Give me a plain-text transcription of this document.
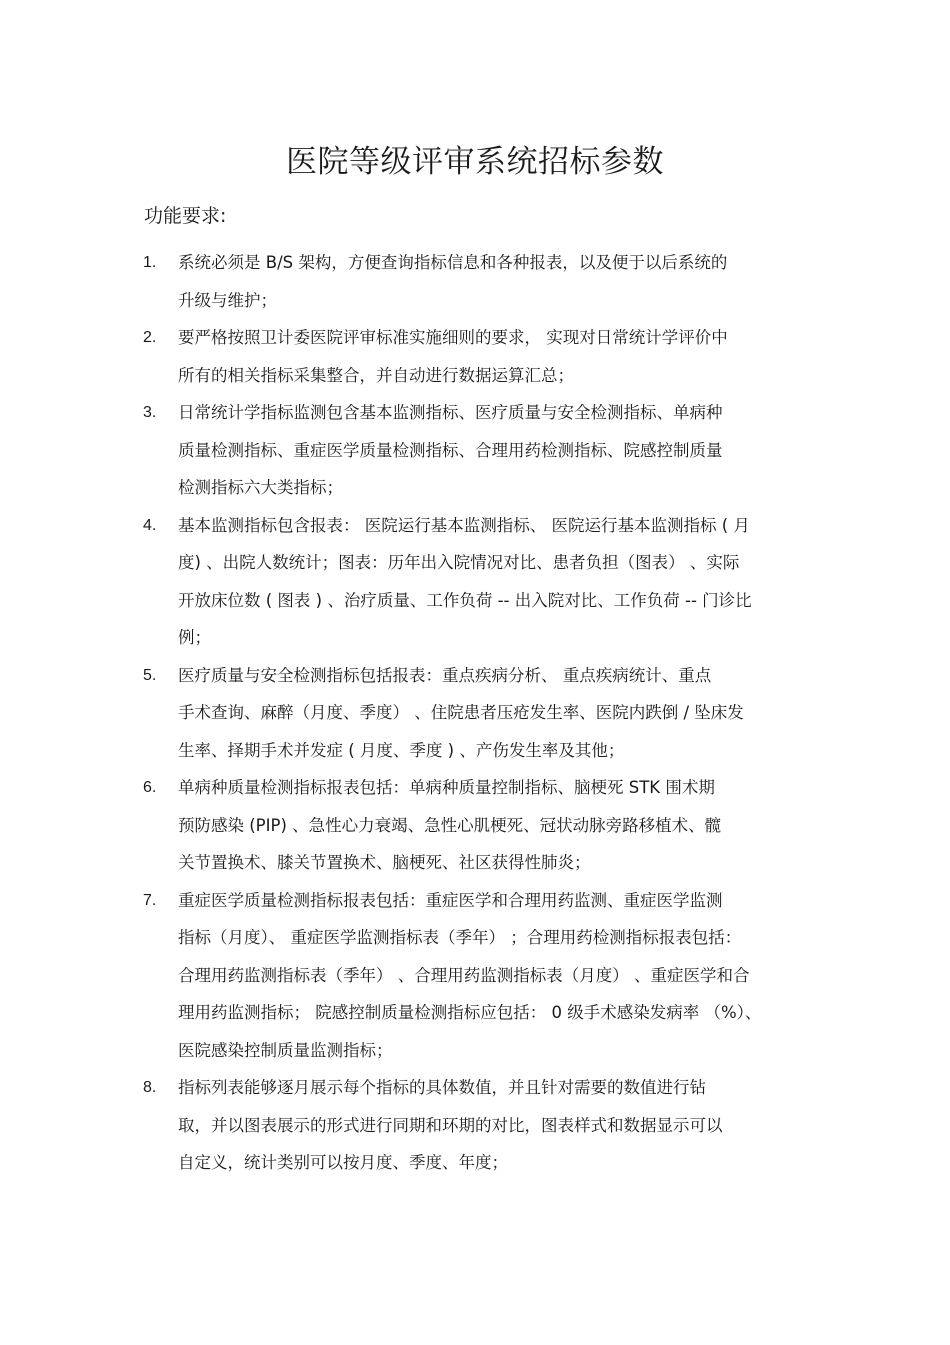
医院等级评审系统招标参数
功能要求:
1. 系统必须是 B/S 架构，方便查询指标信息和各种报表，以及便于以后系统的
升级与维护；
2. 要严格按照卫计委医院评审标准实施细则的要求， 实现对日常统计学评价中
所有的相关指标采集整合，并自动进行数据运算汇总；
3. 日常统计学指标监测包含基本监测指标、医疗质量与安全检测指标、单病种
质量检测指标、重症医学质量检测指标、合理用药检测指标、院感控制质量
检测指标六大类指标；
4. 基本监测指标包含报表： 医院运行基本监测指标、 医院运行基本监测指标 ( 月
度) 、出院人数统计；图表：历年出入院情况对比、患者负担（图表） 、实际
开放床位数 ( 图表 ) 、治疗质量、工作负荷 -- 出入院对比、工作负荷 -- 门诊比
例；
5. 医疗质量与安全检测指标包括报表：重点疾病分析、 重点疾病统计、重点
手术查询、麻醉（月度、季度） 、住院患者压疮发生率、医院内跌倒 / 坠床发
生率、择期手术并发症 ( 月度、季度 ) 、产伤发生率及其他；
6. 单病种质量检测指标报表包括：单病种质量控制指标、脑梗死 STK 围术期
预防感染 (PIP) 、急性心力衰竭、急性心肌梗死、冠状动脉旁路移植术、髋
关节置换术、膝关节置换术、脑梗死、社区获得性肺炎；
7. 重症医学质量检测指标报表包括：重症医学和合理用药监测、重症医学监测
指标（月度）、 重症医学监测指标表（季年） ；合理用药检测指标报表包括：
合理用药监测指标表（季年） 、合理用药监测指标表（月度） 、重症医学和合
理用药监测指标； 院感控制质量检测指标应包括： 0 级手术感染发病率 （%）、
医院感染控制质量监测指标；
8. 指标列表能够逐月展示每个指标的具体数值，并且针对需要的数值进行钻
取，并以图表展示的形式进行同期和环期的对比，图表样式和数据显示可以
自定义，统计类别可以按月度、季度、年度；
